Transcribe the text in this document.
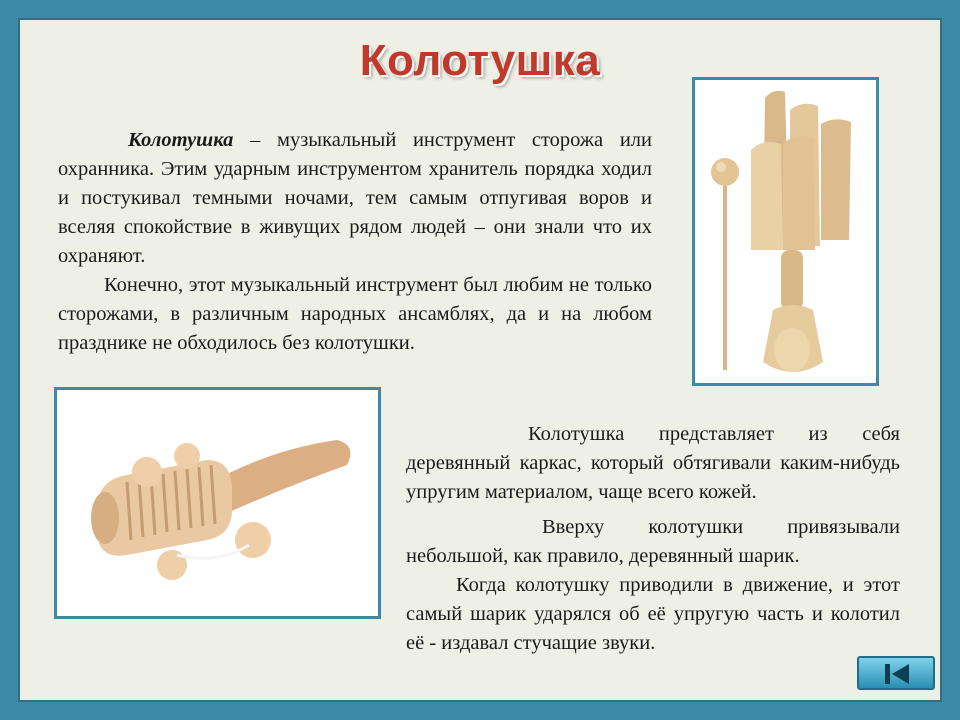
Колотушка

Колотушка – музыкальный инструмент сторожа или охранника. Этим ударным инструментом хранитель порядка ходил и постукивал темными ночами, тем самым отпугивая воров и вселяя спокойствие в живущих рядом людей – они знали что их охраняют.

Конечно, этот музыкальный инструмент был любим не только сторожами, в различным народных ансамблях, да и на любом празднике не обходилось без колотушки.

Колотушка представляет из себя деревянный каркас, который обтягивали каким-нибудь упругим материалом, чаще всего кожей.

Вверху колотушки привязывали небольшой, как правило, деревянный шарик.

Когда колотушку приводили в движение, и этот самый шарик ударялся об её упругую часть и колотил её - издавал стучащие звуки.
